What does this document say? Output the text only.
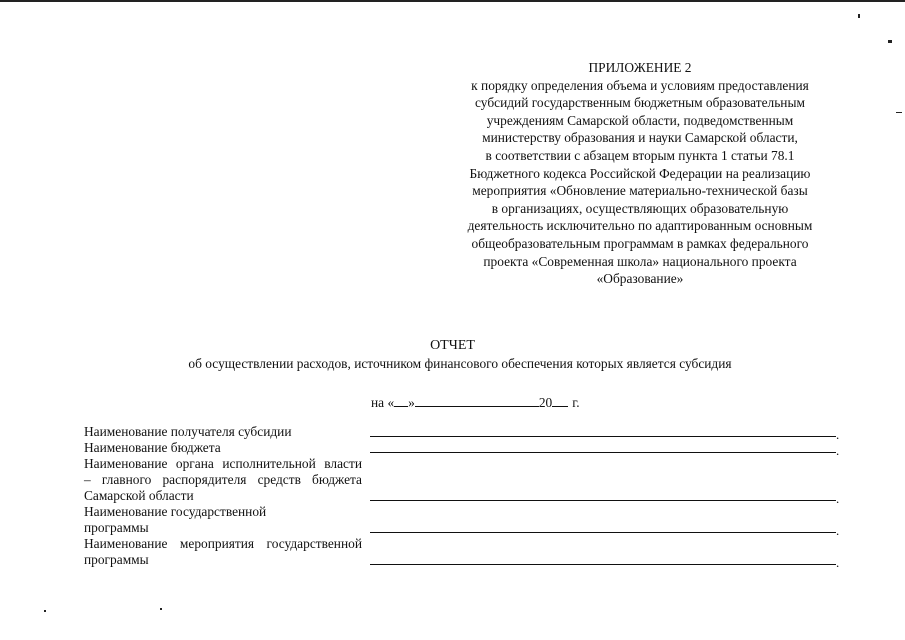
ПРИЛОЖЕНИЕ 2
к порядку определения объема и условиям предоставления
субсидий государственным бюджетным образовательным
учреждениям Самарской области, подведомственным
министерству образования и науки Самарской области,
в соответствии с абзацем вторым пункта 1 статьи 78.1
Бюджетного кодекса Российской Федерации на реализацию
мероприятия «Обновление материально-технической базы
в организациях, осуществляющих образовательную
деятельность исключительно по адаптированным основным
общеобразовательным программам в рамках федерального
проекта «Современная школа» национального проекта
«Образование»
ОТЧЕТ
об осуществлении расходов, источником финансового обеспечения которых является субсидия
на « »	20 г.
Наименование получателя субсидии
Наименование бюджета
Наименование органа исполнительной власти
– главного распорядителя средств бюджета
Самарской области
Наименование государственной
программы
Наименование мероприятия государственной
программы
.
.
.
.
.
